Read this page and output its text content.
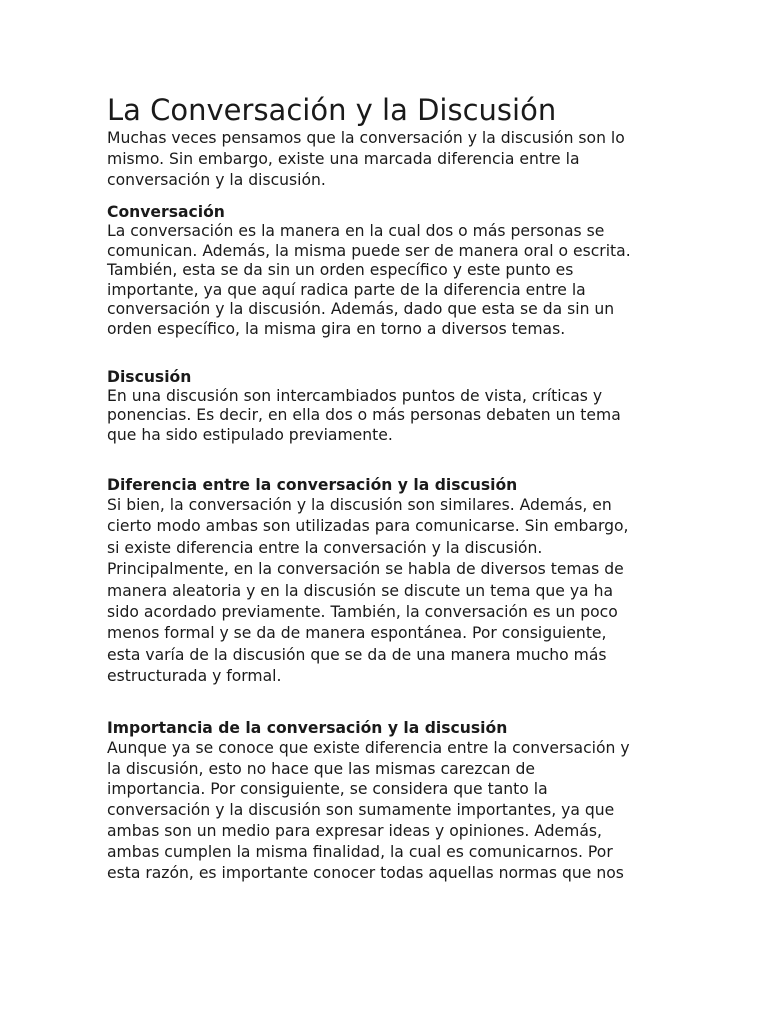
La Conversación y la Discusión

Muchas veces pensamos que la conversación y la discusión son lo
mismo. Sin embargo, existe una marcada diferencia entre la
conversación y la discusión.

Conversación

La conversación es la manera en la cual dos o más personas se
comunican. Además, la misma puede ser de manera oral o escrita.
También, esta se da sin un orden específico y este punto es
importante, ya que aquí radica parte de la diferencia entre la
conversación y la discusión. Además, dado que esta se da sin un
orden específico, la misma gira en torno a diversos temas.

Discusión

En una discusión son intercambiados puntos de vista, críticas y
ponencias. Es decir, en ella dos o más personas debaten un tema
que ha sido estipulado previamente.

Diferencia entre la conversación y la discusión

Si bien, la conversación y la discusión son similares. Además, en
cierto modo ambas son utilizadas para comunicarse. Sin embargo,
si existe diferencia entre la conversación y la discusión.
Principalmente, en la conversación se habla de diversos temas de
manera aleatoria y en la discusión se discute un tema que ya ha
sido acordado previamente. También, la conversación es un poco
menos formal y se da de manera espontánea. Por consiguiente,
esta varía de la discusión que se da de una manera mucho más
estructurada y formal.

Importancia de la conversación y la discusión

Aunque ya se conoce que existe diferencia entre la conversación y
la discusión, esto no hace que las mismas carezcan de
importancia. Por consiguiente, se considera que tanto la
conversación y la discusión son sumamente importantes, ya que
ambas son un medio para expresar ideas y opiniones. Además,
ambas cumplen la misma finalidad, la cual es comunicarnos. Por
esta razón, es importante conocer todas aquellas normas que nos
